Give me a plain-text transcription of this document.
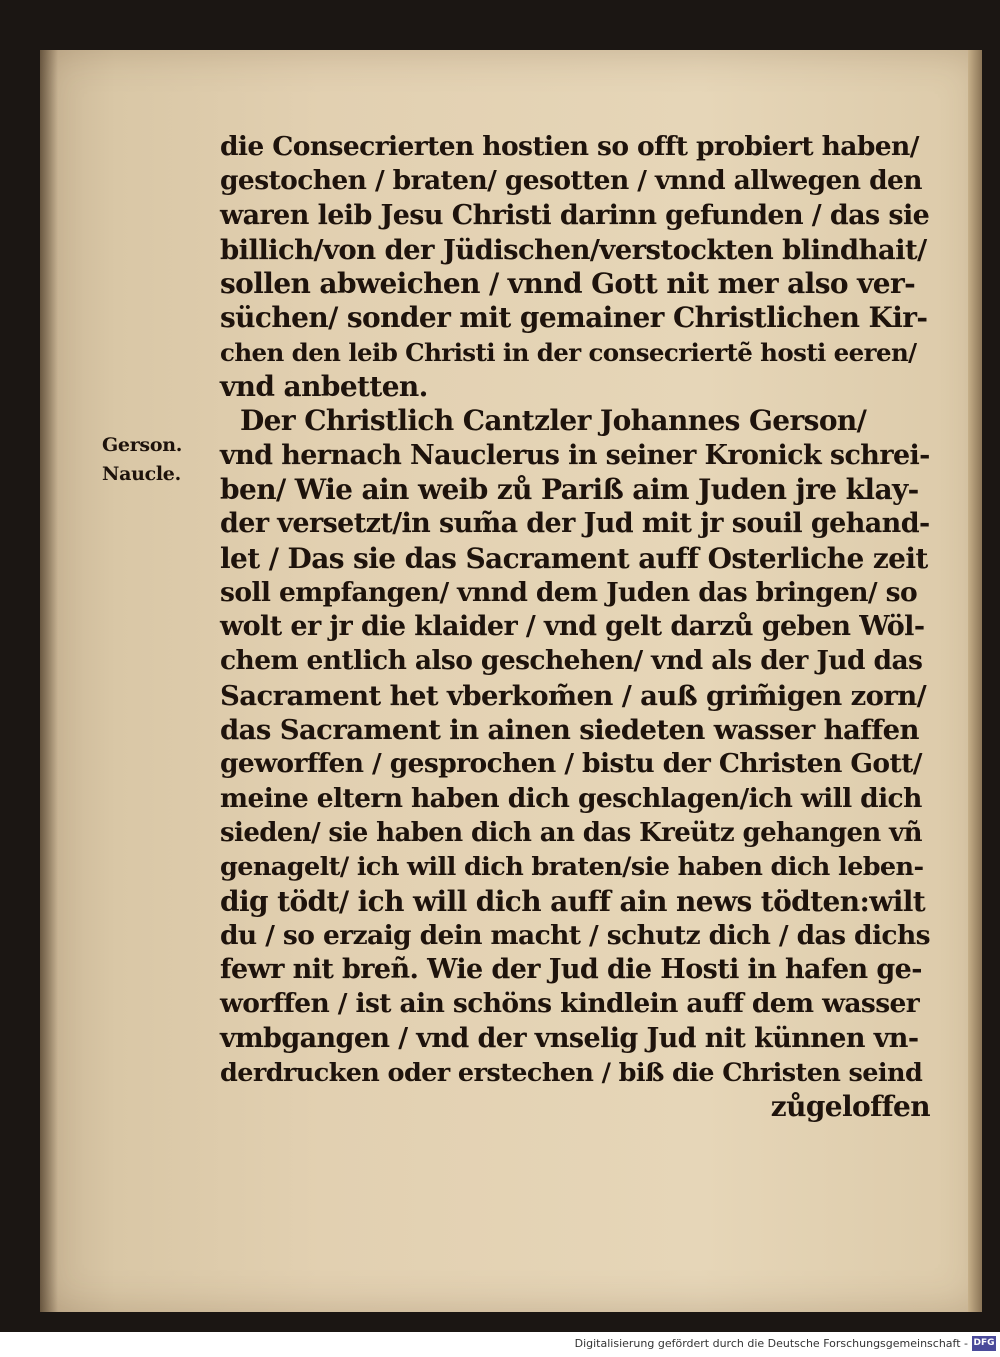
Gerson.
Naucle.
die Consecrierten hostien so offt probiert haben/
gestochen / braten/ gesotten / vnnd allwegen den
waren leib Jesu Christi darinn gefunden / das sie
billich/von der Jüdischen/verstockten blindhait/
sollen abweichen / vnnd Gott nit mer also ver-
süchen/ sonder mit gemainer Christlichen Kir-
chen den leib Christi in der consecriertẽ hosti eeren/
vnd anbetten.
Der Christlich Cantzler Johannes Gerson/
vnd hernach Nauclerus in seiner Kronick schrei-
ben/ Wie ain weib zů Pariß aim Juden jre klay-
der versetzt/in sum̃a der Jud mit jr souil gehand-
let / Das sie das Sacrament auff Osterliche zeit
soll empfangen/ vnnd dem Juden das bringen/ so
wolt er jr die klaider / vnd gelt darzů geben Wöl-
chem entlich also geschehen/ vnd als der Jud das
Sacrament het vberkom̃en / auß grim̃igen zorn/
das Sacrament in ainen siedeten wasser haffen
geworffen / gesprochen / bistu der Christen Gott/
meine eltern haben dich geschlagen/ich will dich
sieden/ sie haben dich an das Kreütz gehangen vñ
genagelt/ ich will dich braten/sie haben dich leben-
dig tödt/ ich will dich auff ain news tödten:wilt
du / so erzaig dein macht / schutz dich / das dichs
fewr nit breñ. Wie der Jud die Hosti in hafen ge-
worffen / ist ain schöns kindlein auff dem wasser
vmbgangen / vnd der vnselig Jud nit künnen vn-
derdrucken oder erstechen / biß die Christen seind
zůgeloffen
Digitalisierung gefördert durch die Deutsche Forschungsgemeinschaft - DFG
